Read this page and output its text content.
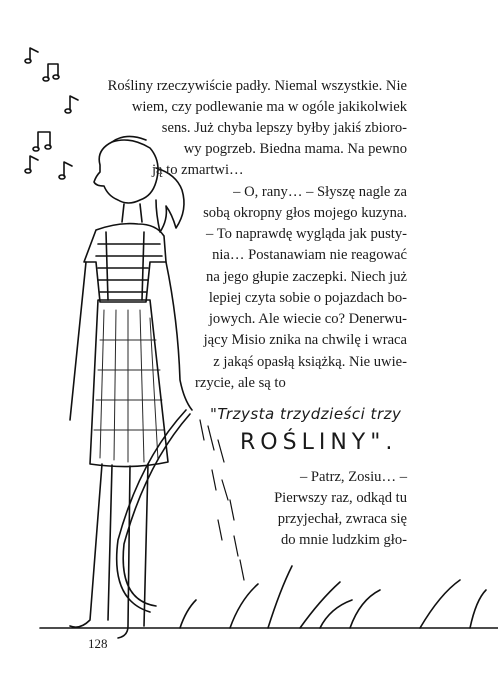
Rośliny rzeczywiście padły. Niemal wszystkie. Nie
wiem, czy podlewanie ma w ogóle jakikolwiek
sens. Już chyba lepszy byłby jakiś zbioro-
wy pogrzeb. Biedna mama. Na pewno
ją to zmartwi…
– O, rany… – Słyszę nagle za
sobą okropny głos mojego kuzyna.
– To naprawdę wygląda jak pusty-
nia… Postanawiam nie reagować
na jego głupie zaczepki. Niech już
lepiej czyta sobie o pojazdach bo-
jowych. Ale wiecie co? Denerwu-
jący Misio znika na chwilę i wraca
z jakąś opasłą książką. Nie uwie-
rzycie, ale są to
"Trzysta trzydzieści trzy
ROŚLINY".
– Patrz, Zosiu… –
Pierwszy raz, odkąd tu
przyjechał, zwraca się
do mnie ludzkim gło-
128
